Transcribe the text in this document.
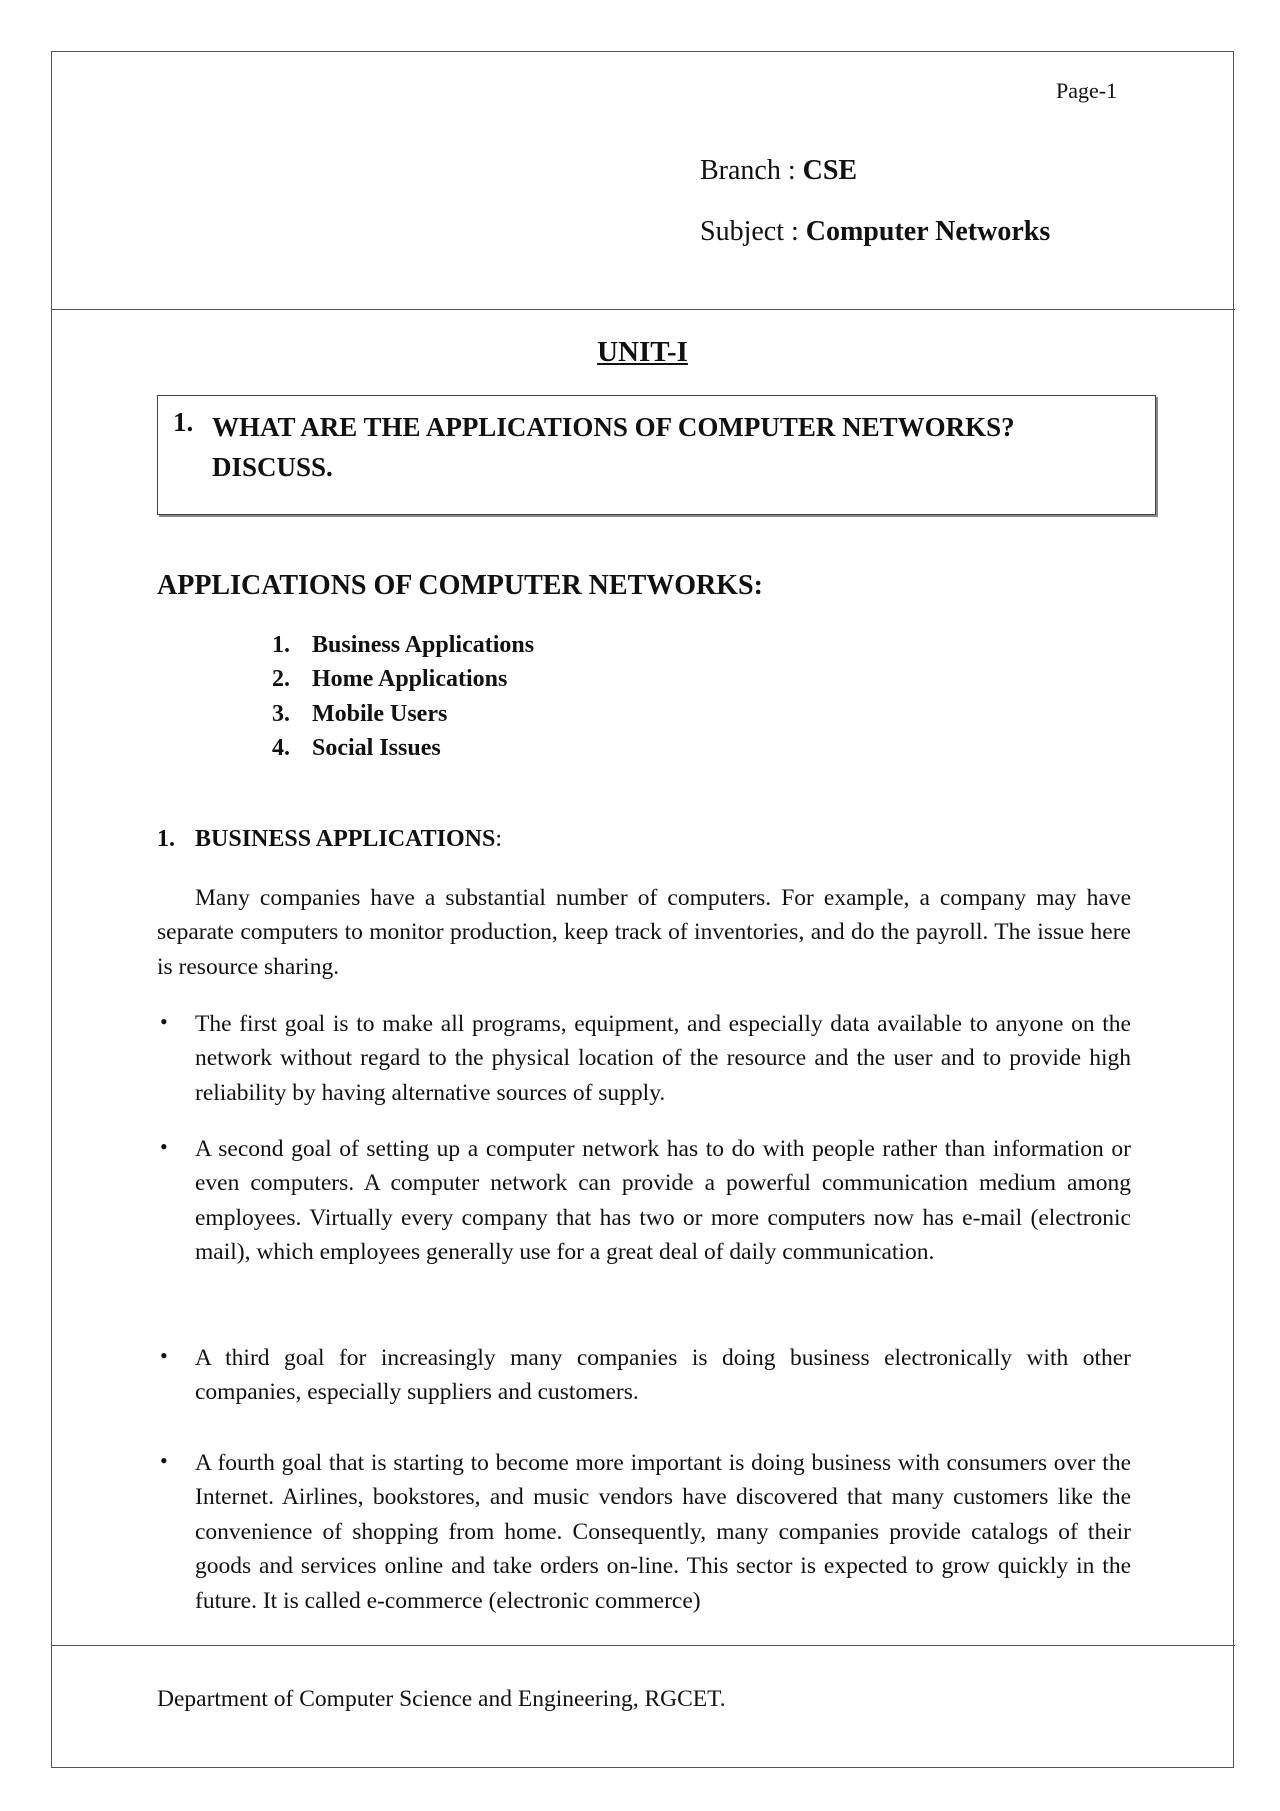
Page-1
Branch : CSE
Subject : Computer Networks
UNIT-I
1. WHAT ARE THE APPLICATIONS OF COMPUTER NETWORKS? DISCUSS.
APPLICATIONS OF COMPUTER NETWORKS:
1. Business Applications
2. Home Applications
3. Mobile Users
4. Social Issues
1. BUSINESS APPLICATIONS:
Many companies have a substantial number of computers. For example, a company may have separate computers to monitor production, keep track of inventories, and do the payroll. The issue here is resource sharing.
• The first goal is to make all programs, equipment, and especially data available to anyone on the network without regard to the physical location of the resource and the user and to provide high reliability by having alternative sources of supply.
• A second goal of setting up a computer network has to do with people rather than information or even computers. A computer network can provide a powerful communication medium among employees. Virtually every company that has two or more computers now has e-mail (electronic mail), which employees generally use for a great deal of daily communication.
• A third goal for increasingly many companies is doing business electronically with other companies, especially suppliers and customers.
• A fourth goal that is starting to become more important is doing business with consumers over the Internet. Airlines, bookstores, and music vendors have discovered that many customers like the convenience of shopping from home. Consequently, many companies provide catalogs of their goods and services online and take orders on-line. This sector is expected to grow quickly in the future. It is called e-commerce (electronic commerce)
Department of Computer Science and Engineering, RGCET.
